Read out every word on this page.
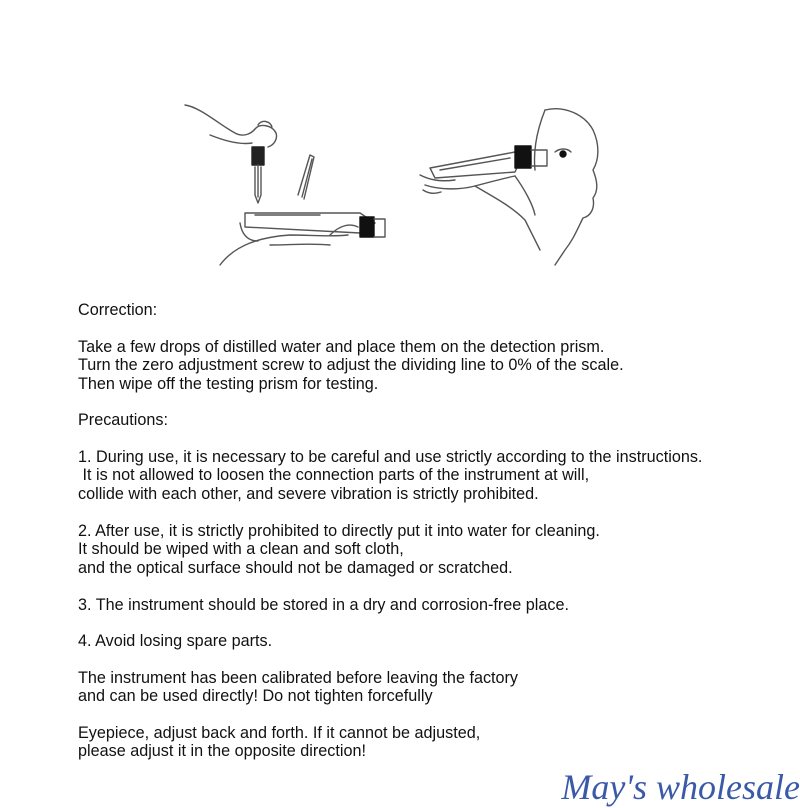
Correction:
Take a few drops of distilled water and place them on the detection prism.
Turn the zero adjustment screw to adjust the dividing line to 0% of the scale.
Then wipe off the testing prism for testing.
Precautions:
1. During use, it is necessary to be careful and use strictly according to the instructions.
It is not allowed to loosen the connection parts of the instrument at will,
collide with each other, and severe vibration is strictly prohibited.
2. After use, it is strictly prohibited to directly put it into water for cleaning.
It should be wiped with a clean and soft cloth,
and the optical surface should not be damaged or scratched.
3. The instrument should be stored in a dry and corrosion-free place.
4. Avoid losing spare parts.
The instrument has been calibrated before leaving the factory
and can be used directly! Do not tighten forcefully
Eyepiece, adjust back and forth. If it cannot be adjusted,
please adjust it in the opposite direction!
May's wholesale
